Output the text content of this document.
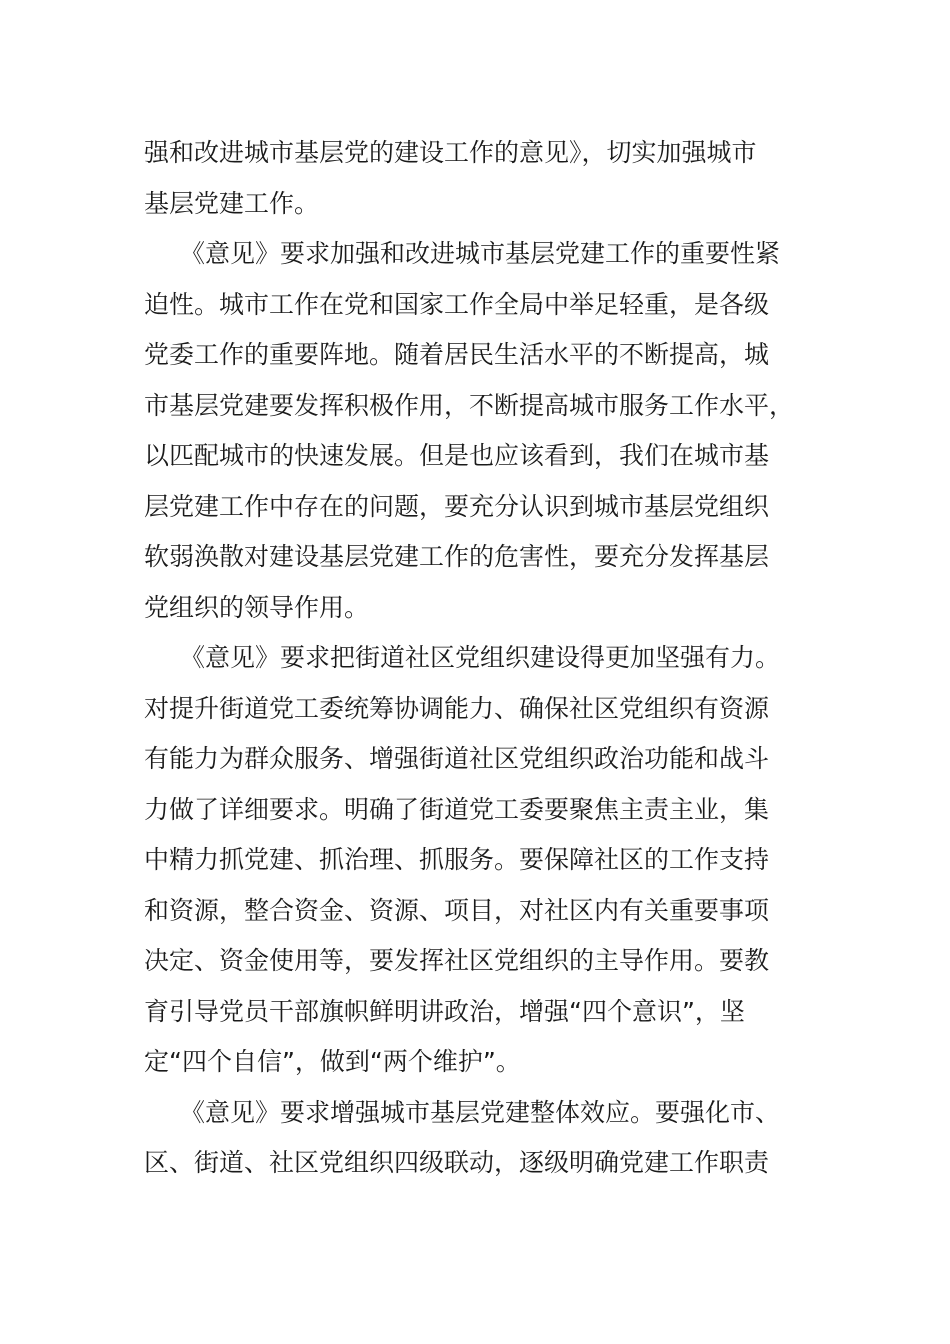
强和改进城市基层党的建设工作的意见》，切实加强城市
基层党建工作。
《意见》要求加强和改进城市基层党建工作的重要性紧
迫性。城市工作在党和国家工作全局中举足轻重，是各级
党委工作的重要阵地。随着居民生活水平的不断提高，城
市基层党建要发挥积极作用，不断提高城市服务工作水平，
以匹配城市的快速发展。但是也应该看到，我们在城市基
层党建工作中存在的问题，要充分认识到城市基层党组织
软弱涣散对建设基层党建工作的危害性，要充分发挥基层
党组织的领导作用。
《意见》要求把街道社区党组织建设得更加坚强有力。
对提升街道党工委统筹协调能力、确保社区党组织有资源
有能力为群众服务、增强街道社区党组织政治功能和战斗
力做了详细要求。明确了街道党工委要聚焦主责主业，集
中精力抓党建、抓治理、抓服务。要保障社区的工作支持
和资源，整合资金、资源、项目，对社区内有关重要事项
决定、资金使用等，要发挥社区党组织的主导作用。要教
育引导党员干部旗帜鲜明讲政治，增强“四个意识”，坚
定“四个自信”，做到“两个维护”。
《意见》要求增强城市基层党建整体效应。要强化市、
区、街道、社区党组织四级联动，逐级明确党建工作职责
